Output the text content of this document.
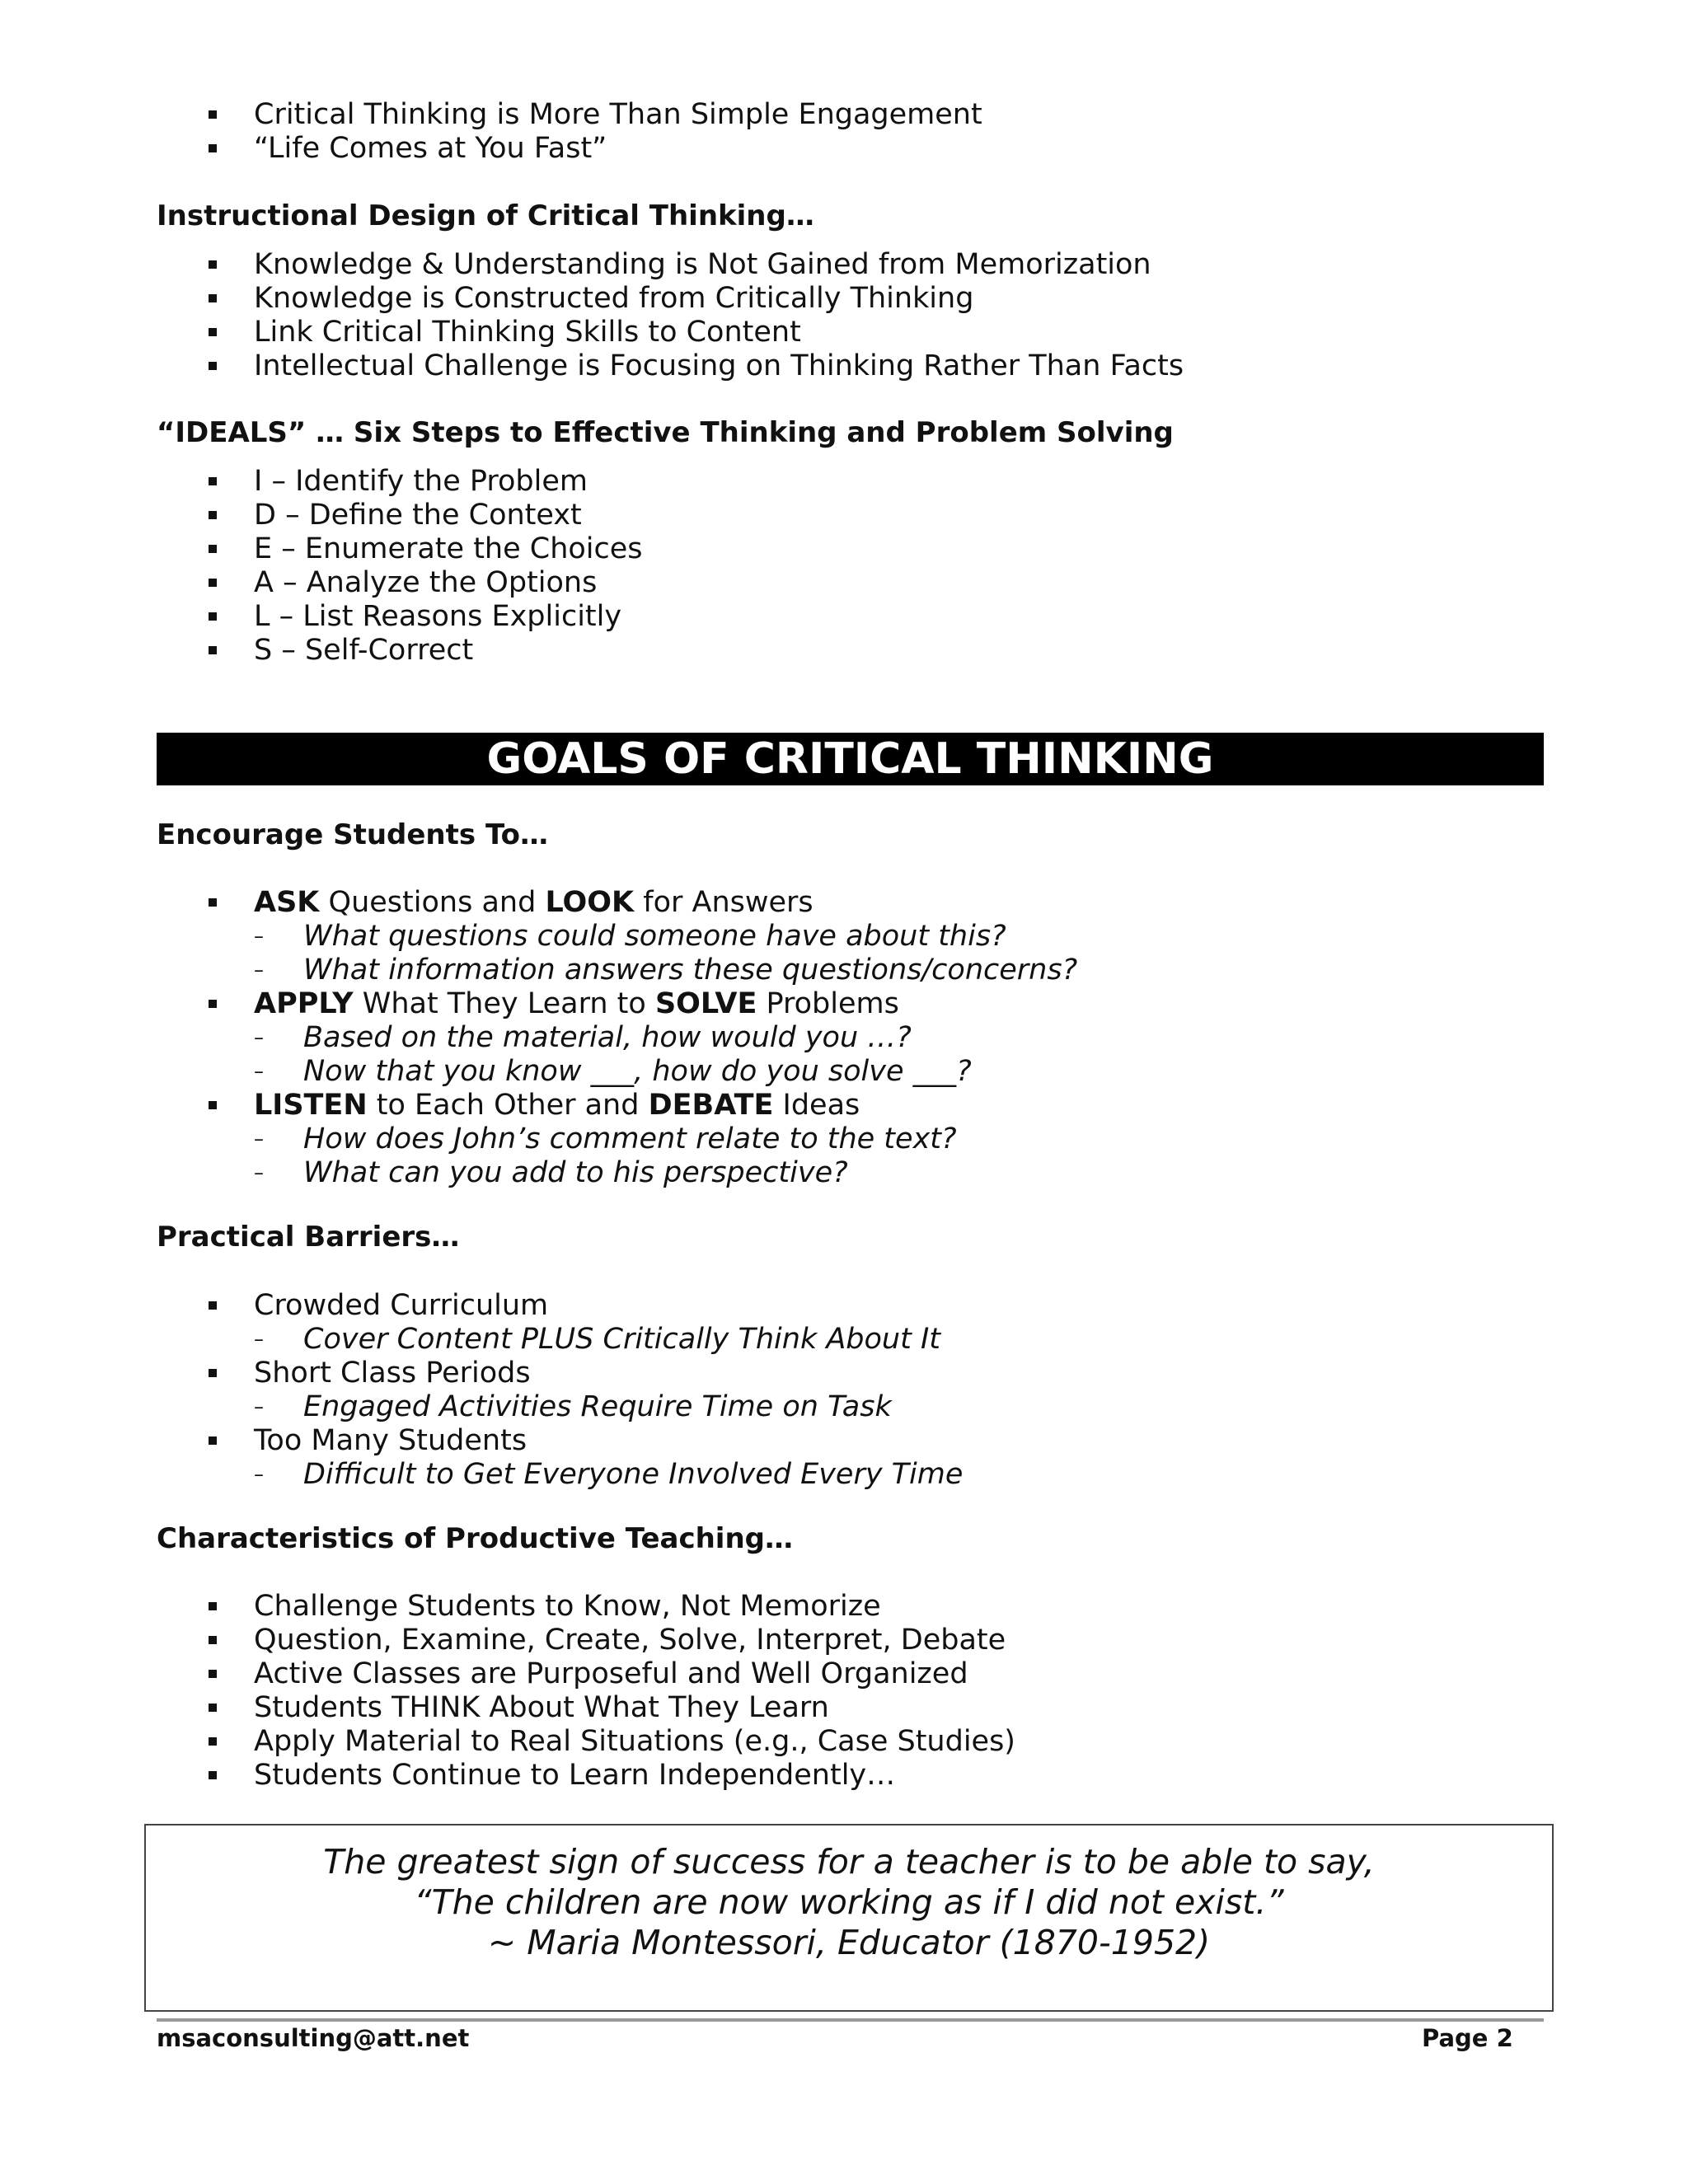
Critical Thinking is More Than Simple Engagement
“Life Comes at You Fast”
Instructional Design of Critical Thinking…
Knowledge & Understanding is Not Gained from Memorization
Knowledge is Constructed from Critically Thinking
Link Critical Thinking Skills to Content
Intellectual Challenge is Focusing on Thinking Rather Than Facts
“IDEALS” … Six Steps to Effective Thinking and Problem Solving
I – Identify the Problem
D – Define the Context
E – Enumerate the Choices
A – Analyze the Options
L – List Reasons Explicitly
S – Self-Correct
GOALS OF CRITICAL THINKING
Encourage Students To…
ASK Questions and LOOK for Answers
– What questions could someone have about this?
– What information answers these questions/concerns?
APPLY What They Learn to SOLVE Problems
– Based on the material, how would you …?
– Now that you know ___, how do you solve ___?
LISTEN to Each Other and DEBATE Ideas
– How does John’s comment relate to the text?
– What can you add to his perspective?
Practical Barriers…
Crowded Curriculum
– Cover Content PLUS Critically Think About It
Short Class Periods
– Engaged Activities Require Time on Task
Too Many Students
– Difficult to Get Everyone Involved Every Time
Characteristics of Productive Teaching…
Challenge Students to Know, Not Memorize
Question, Examine, Create, Solve, Interpret, Debate
Active Classes are Purposeful and Well Organized
Students THINK About What They Learn
Apply Material to Real Situations (e.g., Case Studies)
Students Continue to Learn Independently…
The greatest sign of success for a teacher is to be able to say,
“The children are now working as if I did not exist.”
~ Maria Montessori, Educator (1870-1952)
msaconsulting@att.net	Page 2
